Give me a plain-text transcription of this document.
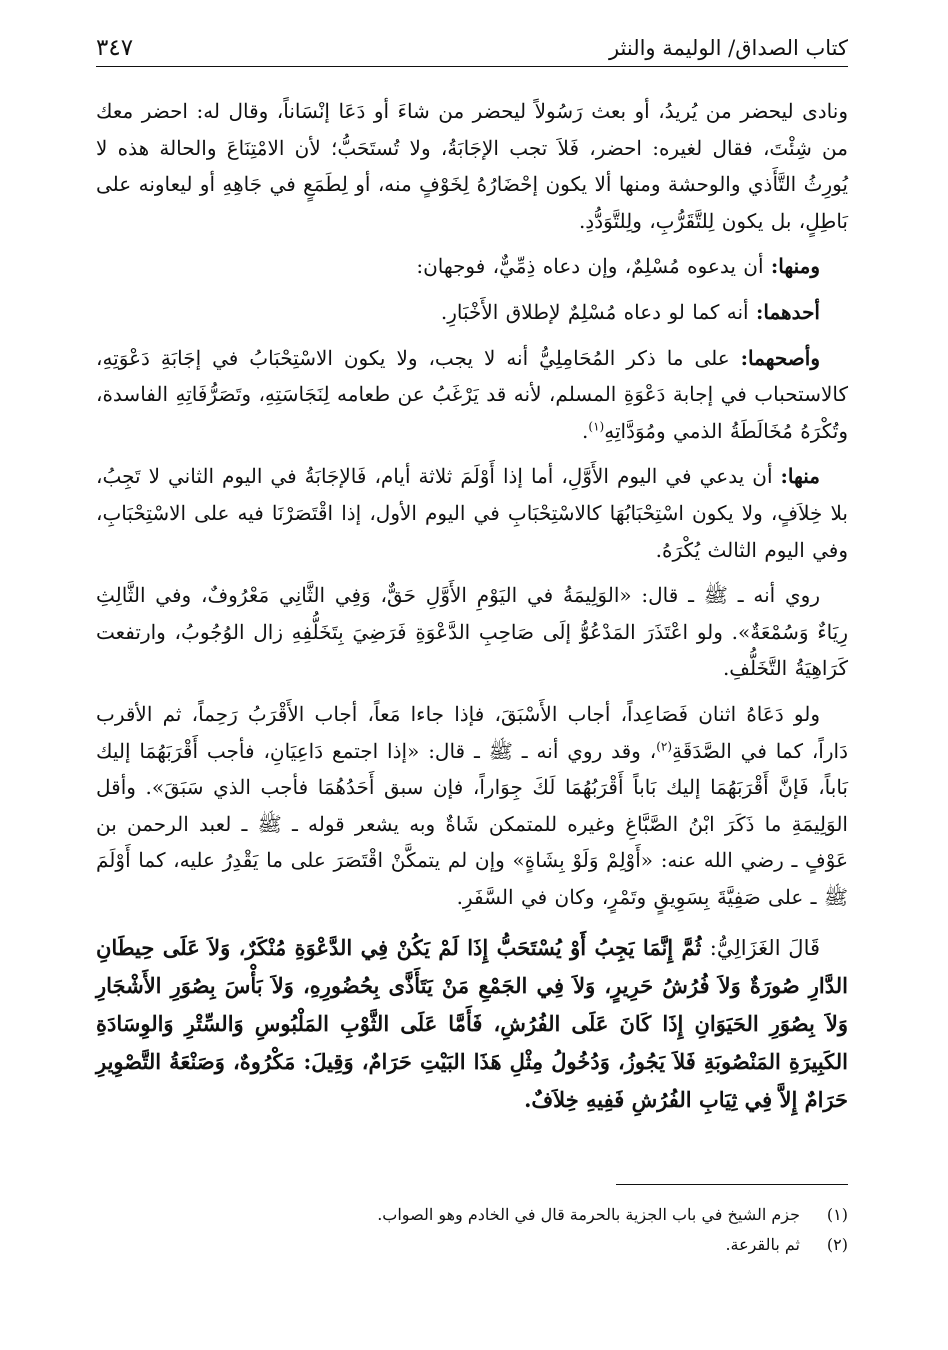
كتاب الصداق/ الوليمة والنثر
٣٤٧

ونادى ليحضر من يُريدُ، أو بعث رَسُولاً ليحضر من شاءَ أو دَعَا إنْسَاناً، وقال له: احضر معك من شِئْتَ، فقال لغيره: احضر، فَلاَ تجب الإجَابَةُ، ولا تُستَحَبُّ؛ لأن الامْتِنَاعَ والحالة هذه لا يُورِثُ التَّأَذي والوحشة ومنها ألا يكون إحْضَارُهُ لِخَوْفٍ منه، أو لِطَمَعٍ في جَاهِهِ أو ليعاونه على بَاطِلٍ، بل يكون لِلتَّقَرُّبِ، ولِلتَّوَدُّدِ.

ومنها: أن يدعوه مُسْلِمٌ، وإن دعاه ذِمِّيٌّ، فوجهان:

أحدهما: أنه كما لو دعاه مُسْلِمٌ لإطلاق الأَخْبَارِ.

وأصحهما: على ما ذكر المُحَامِلِيُّ أنه لا يجب، ولا يكون الاسْتِحْبَابُ في إجَابَةِ دَعْوَتِهِ، كالاستحباب في إجابة دَعْوَةِ المسلم، لأنه قد يَرْغَبُ عن طعامه لِنَجَاسَتِهِ، وتَصَرُّفَاتِهِ الفاسدة، وتُكْرَهُ مُخَالَطَةُ الذمي ومُوَدَّاتِهِ$^{(١)}$.

منها: أن يدعي في اليوم الأَوَّلِ، أما إذا أَوْلَمَ ثلاثة أيام، فَالإجَابَةُ في اليوم الثاني لا تَجِبُ، بلا خِلاَفٍ، ولا يكون اسْتِحْبَابُهَا كالاسْتِحْبَابِ في اليوم الأول، إذا اقْتَصَرْنَا فيه على الاسْتِحْبَابِ، وفي اليوم الثالث يُكْرَهُ.

روي أنه ـ ﷺ ـ قال: «الوَلِيمَةُ في اليَوْمِ الأَوَّلِ حَقٌّ، وَفِي الثَّانِي مَعْرُوفٌ، وفي الثَّالِثِ رِيَاءٌ وَسُمْعَةٌ». ولو اعْتَذَرَ المَدْعُوُّ إلَى صَاحِبِ الدَّعْوَةِ فَرَضِيَ بِتَخَلُّفِهِ زال الوُجُوبُ، وارتفعت كَرَاهِيَةُ التَّخَلُّفِ.

ولو دَعَاهُ اثنان فَصَاعِداً، أجاب الأَسْبَقَ، فإذا جاءا مَعاً، أجاب الأَقْرَبُ رَحِماً، ثم الأقرب دَاراً، كما في الصَّدَقَةِ$^{(٢)}$، وقد روي أنه ـ ﷺ ـ قال: «إذا اجتمع دَاعِيَانِ، فأجب أَقْرَبَهُمَا إليك بَاباً، فَإنَّ أَقْرَبَهُمَا إليك بَاباً أَقْرَبُهُمَا لَكَ جِوَاراً، فإن سبق أَحَدُهُمَا فأجب الذي سَبَقَ». وأقل الوَلِيمَةِ ما ذَكَرَ ابْنُ الصَّبَّاغِ وغيره للمتمكن شَاةٌ وبه يشعر قوله ـ ﷺ ـ لعبد الرحمن بن عَوْفٍ ـ رضي الله عنه: «أَوْلِمْ وَلَوْ بِشَاةٍ» وإن لم يتمكَّنْ اقْتَصَرَ على ما يَقْدِرُ عليه، كما أَوْلَمَ ﷺ ـ على صَفِيَّةَ بِسَوِيقٍ وتَمْرٍ، وكان في السَّفَرِ.

قَالَ الغَزَالِيُّ: ثُمَّ إِنَّمَا يَجِبُ أَوْ يُسْتَحَبُّ إِذَا لَمْ يَكُنْ فِي الدَّعْوَةِ مُنْكَرٌ، وَلاَ عَلَى حِيطَانِ الدَّارِ صُورَةٌ وَلاَ فُرُشُ حَرِيرٍ، وَلاَ فِي الجَمْعِ مَنْ يَتَأَذَّى بِحُضُورِهِ، وَلاَ بَأْسَ بِصُوَرِ الأَشْجَارِ وَلاَ بِصُوَرِ الحَيَوَانِ إِذَا كَانَ عَلَى الفُرُشِ، فَأَمَّا عَلَى الثَّوْبِ المَلْبُوسِ وَالسِّتْرِ وَالوِسَادَةِ الكَبِيرَةِ المَنْصُوبَةِ فَلاَ يَجُوزُ، وَدُخُولُ مِثْلِ هَذَا البَيْتِ حَرَامٌ، وَقِيلَ: مَكْرُوهٌ، وَصَنْعَةُ التَّصْوِيرِ حَرَامٌ إِلاَّ فِي ثِيَابِ الفُرُشِ فَفِيهِ خِلاَفٌ.

(١)
جزم الشيخ في باب الجزية بالحرمة قال في الخادم وهو الصواب.
(٢)
ثم بالقرعة.
